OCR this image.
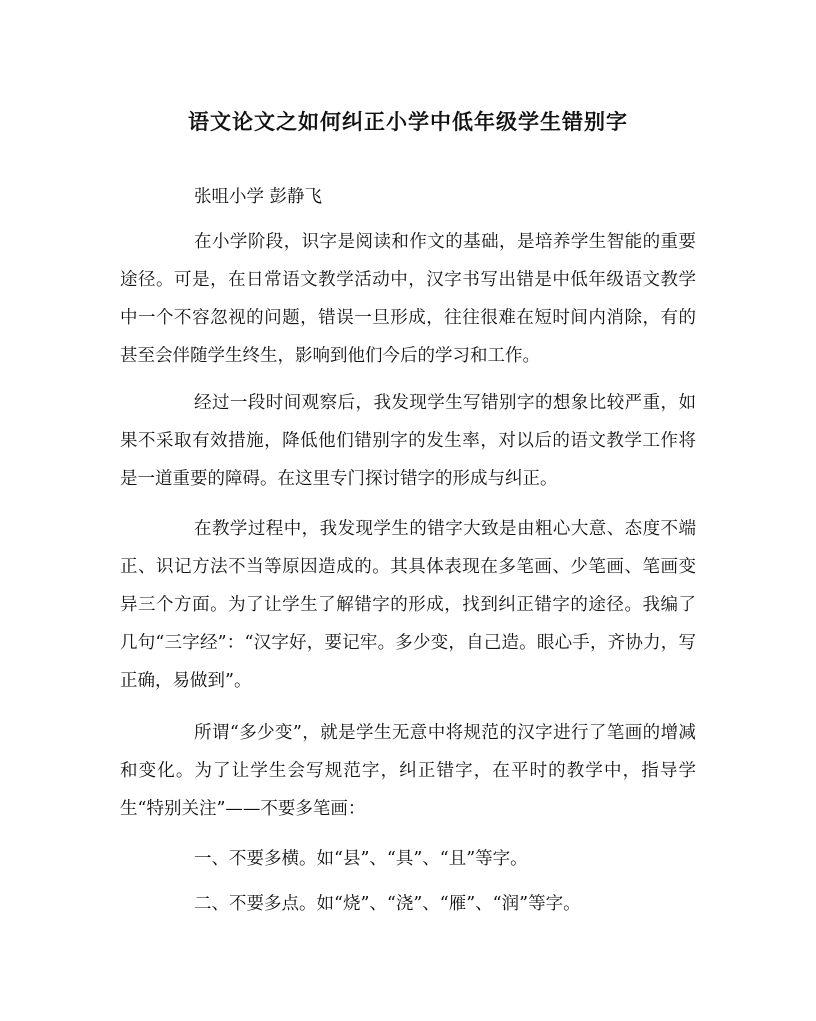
语文论文之如何纠正小学中低年级学生错别字

张咀小学 彭静飞

在小学阶段，识字是阅读和作文的基础，是培养学生智能的重要途径。可是，在日常语文教学活动中，汉字书写出错是中低年级语文教学中一个不容忽视的问题，错误一旦形成，往往很难在短时间内消除，有的甚至会伴随学生终生，影响到他们今后的学习和工作。

经过一段时间观察后，我发现学生写错别字的想象比较严重，如果不采取有效措施，降低他们错别字的发生率，对以后的语文教学工作将是一道重要的障碍。在这里专门探讨错字的形成与纠正。

在教学过程中，我发现学生的错字大致是由粗心大意、态度不端正、识记方法不当等原因造成的。其具体表现在多笔画、少笔画、笔画变异三个方面。为了让学生了解错字的形成，找到纠正错字的途径。我编了几句“三字经”：“汉字好，要记牢。多少变，自己造。眼心手，齐协力，写正确，易做到”。

所谓“多少变”，就是学生无意中将规范的汉字进行了笔画的增减和变化。为了让学生会写规范字，纠正错字，在平时的教学中，指导学生“特别关注”——不要多笔画：

一、不要多横。如“县”、“具”、“且”等字。

二、不要多点。如“烧”、“浇”、“雁”、“润”等字。
